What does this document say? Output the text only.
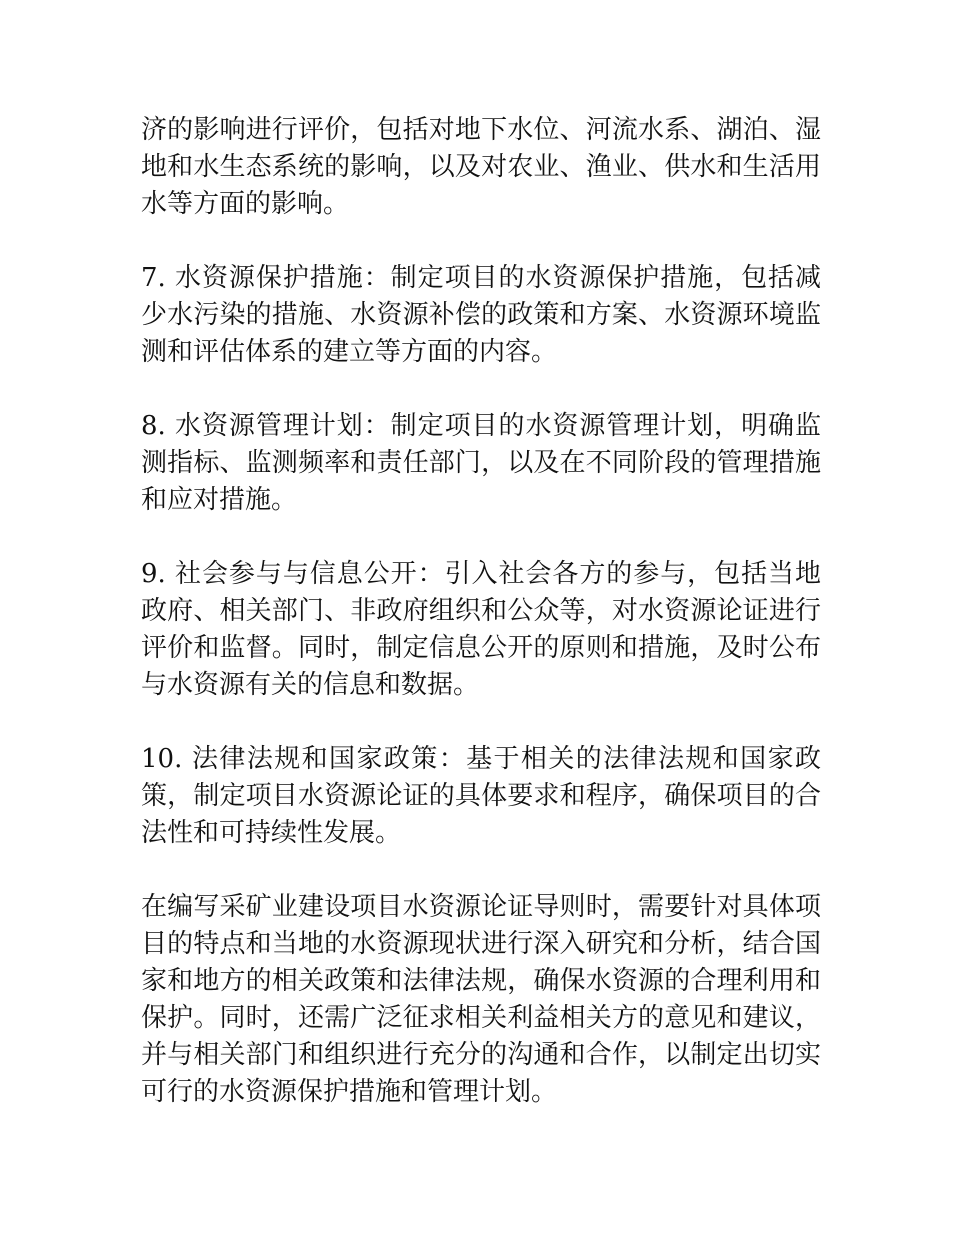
济的影响进行评价，包括对地下水位、河流水系、湖泊、湿地和水生态系统的影响，以及对农业、渔业、供水和生活用水等方面的影响。

7. 水资源保护措施：制定项目的水资源保护措施，包括减少水污染的措施、水资源补偿的政策和方案、水资源环境监测和评估体系的建立等方面的内容。

8. 水资源管理计划：制定项目的水资源管理计划，明确监测指标、监测频率和责任部门，以及在不同阶段的管理措施和应对措施。

9. 社会参与与信息公开：引入社会各方的参与，包括当地政府、相关部门、非政府组织和公众等，对水资源论证进行评价和监督。同时，制定信息公开的原则和措施，及时公布与水资源有关的信息和数据。

10. 法律法规和国家政策：基于相关的法律法规和国家政策，制定项目水资源论证的具体要求和程序，确保项目的合法性和可持续性发展。

在编写采矿业建设项目水资源论证导则时，需要针对具体项目的特点和当地的水资源现状进行深入研究和分析，结合国家和地方的相关政策和法律法规，确保水资源的合理利用和保护。同时，还需广泛征求相关利益相关方的意见和建议，并与相关部门和组织进行充分的沟通和合作，以制定出切实可行的水资源保护措施和管理计划。
